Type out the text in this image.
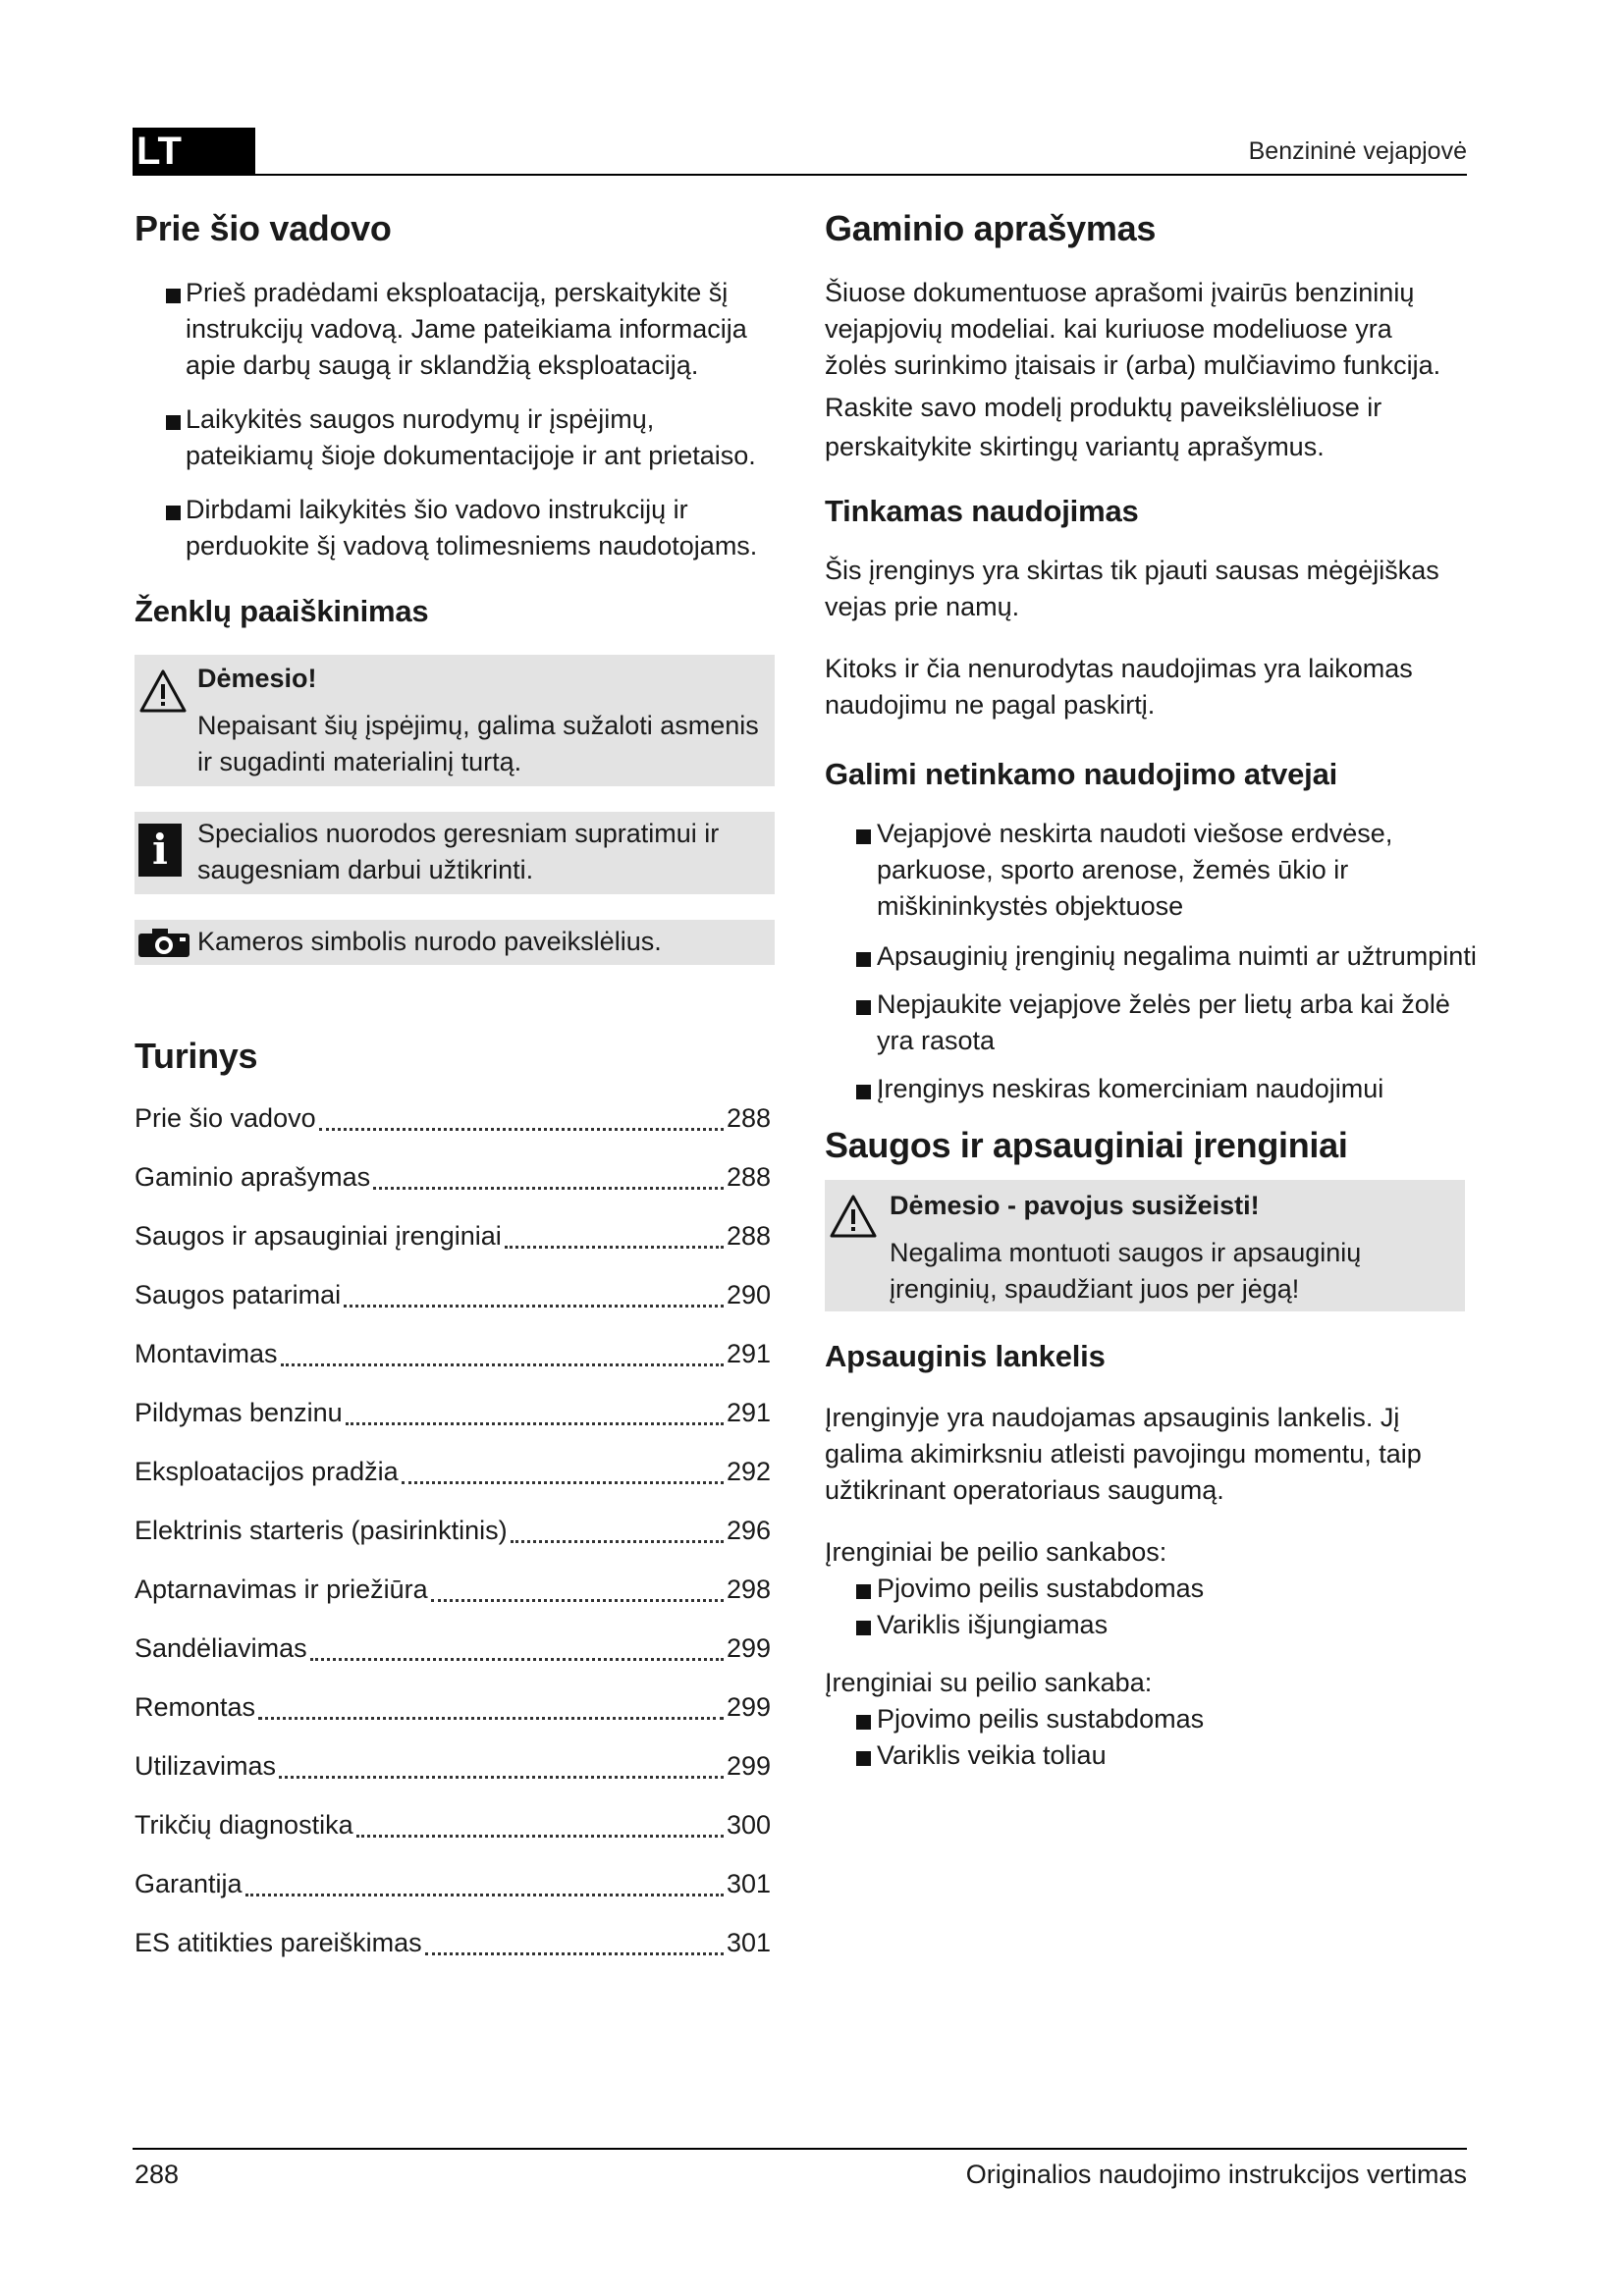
LT	Benzininė vejapjovė
Prie šio vadovo
Prieš pradėdami eksploataciją, perskaitykite šį instrukcijų vadovą. Jame pateikiama informacija apie darbų saugą ir sklandžią eksploataciją.
Laikykitės saugos nurodymų ir įspėjimų, pateikiamų šioje dokumentacijoje ir ant prietaiso.
Dirbdami laikykitės šio vadovo instrukcijų ir perduokite šį vadovą tolimesniems naudotojams.
Ženklų paaiškinimas
Dėmesio!
Nepaisant šių įspėjimų, galima sužaloti asmenis ir sugadinti materialinį turtą.
i	Specialios nuorodos geresniam supratimui ir saugesniam darbui užtikrinti.
Kameros simbolis nurodo paveikslėlius.
Turinys
Prie šio vadovo	288
Gaminio aprašymas	288
Saugos ir apsauginiai įrenginiai	288
Saugos patarimai	290
Montavimas	291
Pildymas benzinu	291
Eksploatacijos pradžia	292
Elektrinis starteris (pasirinktinis)	296
Aptarnavimas ir priežiūra	298
Sandėliavimas	299
Remontas	299
Utilizavimas	299
Trikčių diagnostika	300
Garantija	301
ES atitikties pareiškimas	301
Gaminio aprašymas

Šiuose dokumentuose aprašomi įvairūs benzininių vejapjovių modeliai. kai kuriuose modeliuose yra žolės surinkimo įtaisais ir (arba) mulčiavimo funkcija.

Raskite savo modelį produktų paveikslėliuose ir perskaitykite skirtingų variantų aprašymus.

Tinkamas naudojimas

Šis įrenginys yra skirtas tik pjauti sausas mėgėjiškas vejas prie namų.

Kitoks ir čia nenurodytas naudojimas yra laikomas naudojimu ne pagal paskirtį.

Galimi netinkamo naudojimo atvejai
Vejapjovė neskirta naudoti viešose erdvėse, parkuose, sporto arenose, žemės ūkio ir miškininkystės objektuose
Apsauginių įrenginių negalima nuimti ar užtrumpinti
Nepjaukite vejapjove želės per lietų arba kai žolė yra rasota
Įrenginys neskiras komerciniam naudojimui
Saugos ir apsauginiai įrenginiai
Dėmesio - pavojus susižeisti!
Negalima montuoti saugos ir apsauginių įrenginių, spaudžiant juos per jėgą!
Apsauginis lankelis

Įrenginyje yra naudojamas apsauginis lankelis. Jį galima akimirksniu atleisti pavojingu momentu, taip užtikrinant operatoriaus saugumą.

Įrenginiai be peilio sankabos:

Pjovimo peilis sustabdomas
Variklis išjungiamas

Įrenginiai su peilio sankaba:

Pjovimo peilis sustabdomas
Variklis veikia toliau
288	Originalios naudojimo instrukcijos vertimas
